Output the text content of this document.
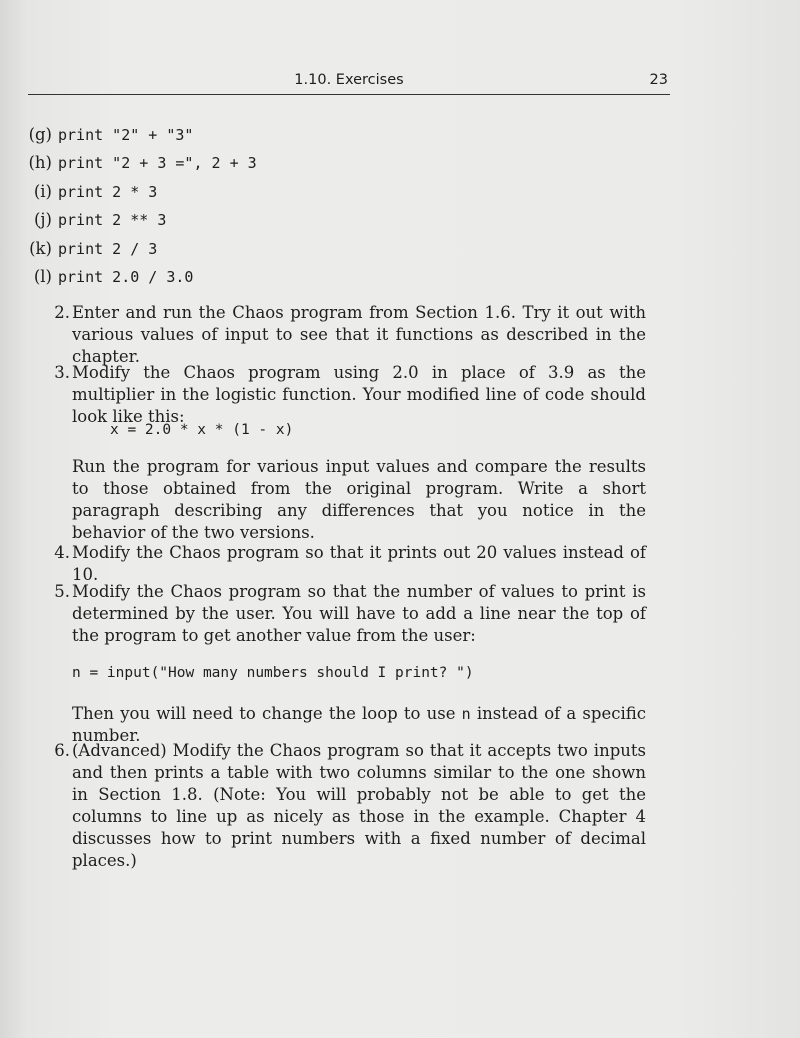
1.10. Exercises	23
(g) print "2" + "3"
(h) print "2 + 3 =", 2 + 3
(i) print 2 * 3
(j) print 2 ** 3
(k) print 2 / 3
(l) print 2.0 / 3.0
2. Enter and run the Chaos program from Section 1.6. Try it out with various values of input to see that it functions as described in the chapter.
3. Modify the Chaos program using 2.0 in place of 3.9 as the multiplier in the logistic function. Your modified line of code should look like this:
x = 2.0 * x * (1 - x)
Run the program for various input values and compare the results to those obtained from the original program. Write a short paragraph describing any differences that you notice in the behavior of the two versions.
4. Modify the Chaos program so that it prints out 20 values instead of 10.
5. Modify the Chaos program so that the number of values to print is determined by the user. You will have to add a line near the top of the program to get another value from the user:
n = input("How many numbers should I print? ")
Then you will need to change the loop to use n instead of a specific number.
6. (Advanced) Modify the Chaos program so that it accepts two inputs and then prints a table with two columns similar to the one shown in Section 1.8. (Note: You will probably not be able to get the columns to line up as nicely as those in the example. Chapter 4 discusses how to print numbers with a fixed number of decimal places.)
